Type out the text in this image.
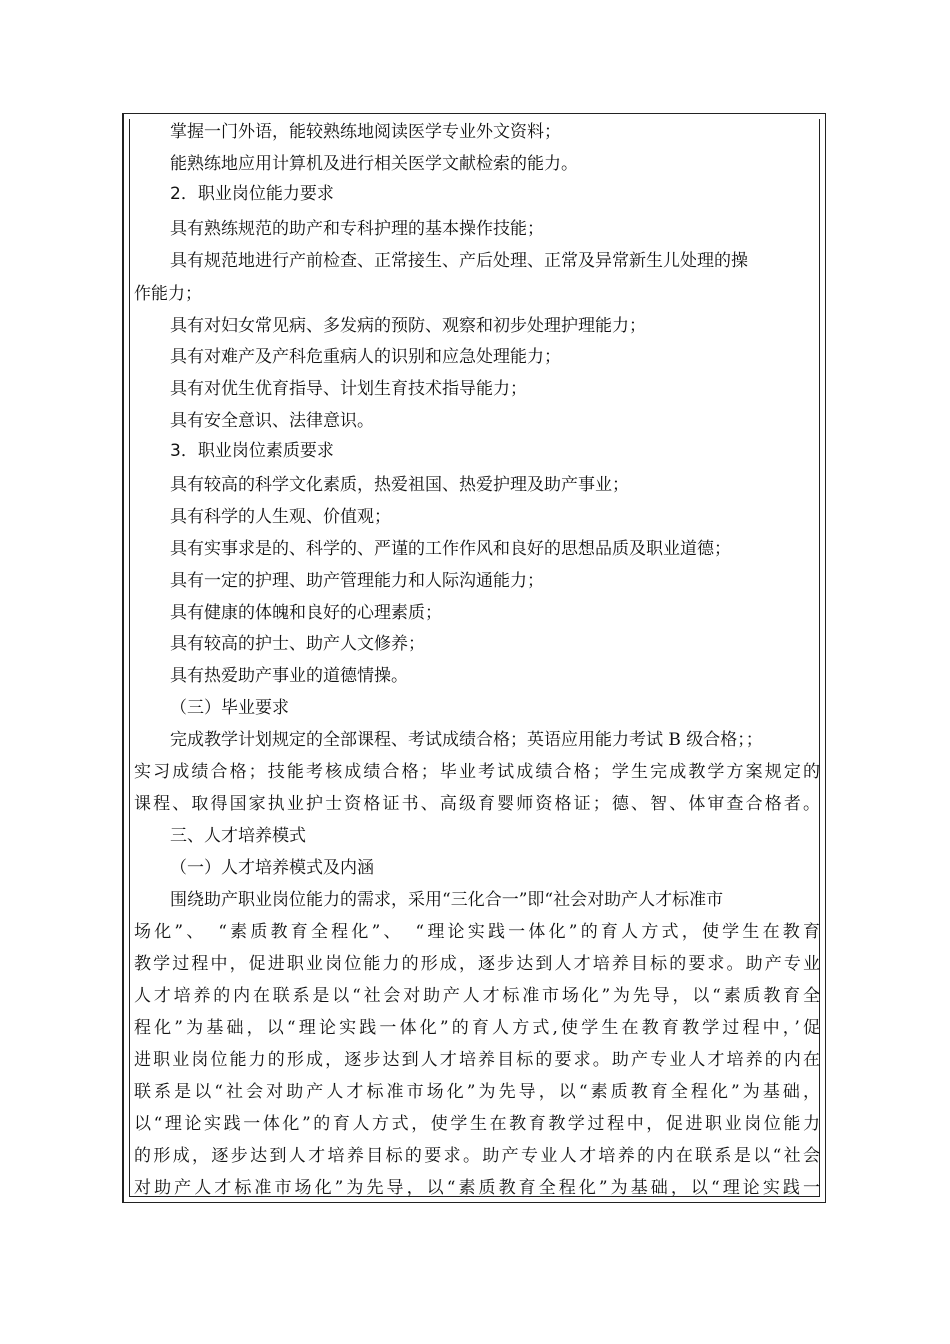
掌握一门外语，能较熟练地阅读医学专业外文资料；
能熟练地应用计算机及进行相关医学文献检索的能力。
2．职业岗位能力要求
具有熟练规范的助产和专科护理的基本操作技能；
具有规范地进行产前检查、正常接生、产后处理、正常及异常新生儿处理的操
作能力；
具有对妇女常见病、多发病的预防、观察和初步处理护理能力；
具有对难产及产科危重病人的识别和应急处理能力；
具有对优生优育指导、计划生育技术指导能力；
具有安全意识、法律意识。
3．职业岗位素质要求
具有较高的科学文化素质，热爱祖国、热爱护理及助产事业；
具有科学的人生观、价值观；
具有实事求是的、科学的、严谨的工作作风和良好的思想品质及职业道德；
具有一定的护理、助产管理能力和人际沟通能力；
具有健康的体魄和良好的心理素质；
具有较高的护士、助产人文修养；
具有热爱助产事业的道德情操。
（三）毕业要求
完成教学计划规定的全部课程、考试成绩合格；英语应用能力考试 B 级合格；；
实习成绩合格；技能考核成绩合格；毕业考试成绩合格；学生完成教学方案规定的
课程、取得国家执业护士资格证书、高级育婴师资格证；德、智、体审查合格者。
三、人才培养模式
（一）人才培养模式及内涵
围绕助产职业岗位能力的需求，采用“三化合一”即“社会对助产人才标准市
场化”、　“素质教育全程化”、　“理论实践一体化”的育人方式，使学生在教育
教学过程中，促进职业岗位能力的形成，逐步达到人才培养目标的要求。助产专业
人才培养的内在联系是以“社会对助产人才标准市场化”为先导，以“素质教育全
程化”为基础，以“理论实践一体化”的育人方式,使学生在教育教学过程中，’促
进职业岗位能力的形成，逐步达到人才培养目标的要求。助产专业人才培养的内在
联系是以“社会对助产人才标准市场化”为先导，以“素质教育全程化”为基础，
以“理论实践一体化”的育人方式，使学生在教育教学过程中，促进职业岗位能力
的形成，逐步达到人才培养目标的要求。助产专业人才培养的内在联系是以“社会
对助产人才标准市场化”为先导，以“素质教育全程化”为基础，以“理论实践一
